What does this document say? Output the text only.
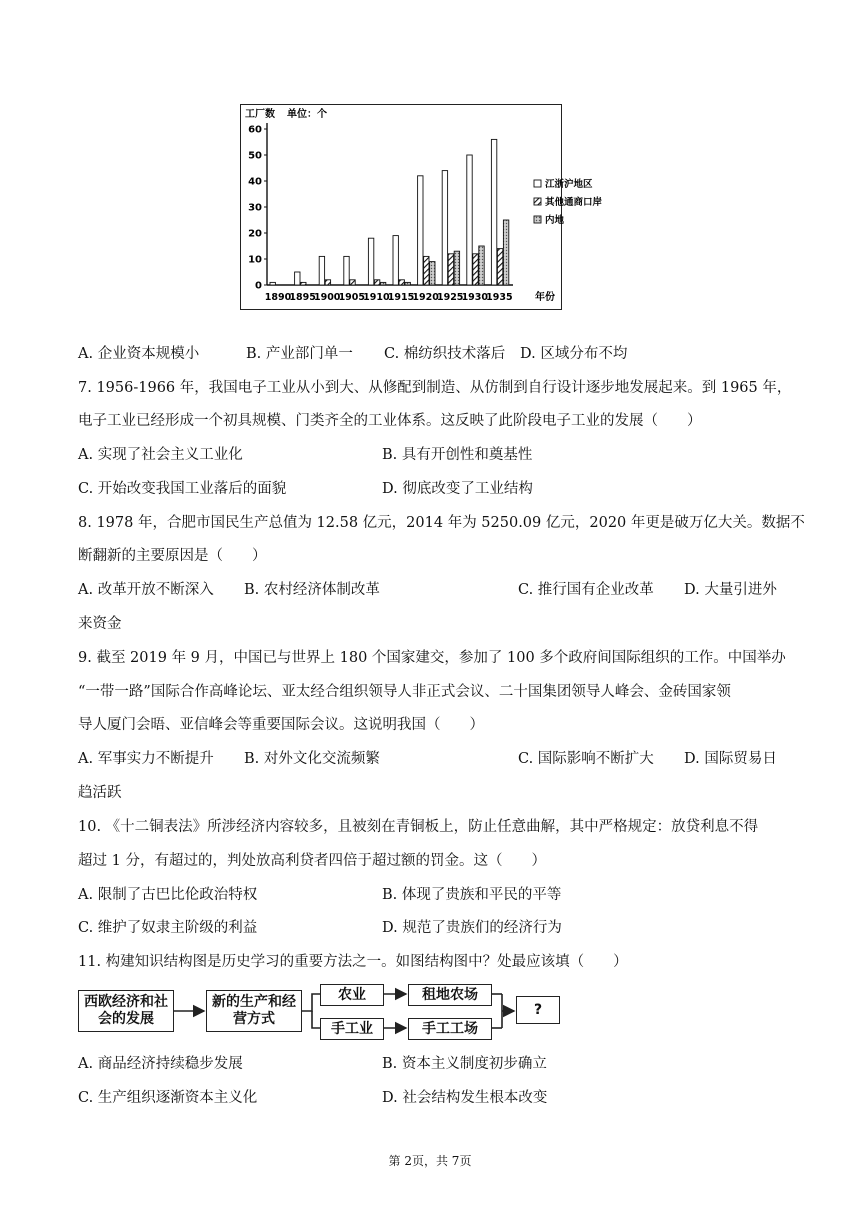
工厂数 单位：个
0
10
20
30
40
50
60
1890
1895
1900
1905
1910
1915
1920
1925
1930
1935 年份
江浙沪地区
其他通商口岸
内地
A. 企业资本规模小	B. 产业部门单一 C. 棉纺织技术落后 D. 区域分布不均
7. 1956-1966 年，我国电子工业从小到大、从修配到制造、从仿制到自行设计逐步地发展起来。到 1965 年，
电子工业已经形成一个初具规模、门类齐全的工业体系。这反映了此阶段电子工业的发展（　　）
A. 实现了社会主义工业化	B. 具有开创性和奠基性
C. 开始改变我国工业落后的面貌	D. 彻底改变了工业结构
8. 1978 年，合肥市国民生产总值为 12.58 亿元，2014 年为 5250.09 亿元，2020 年更是破万亿大关。数据不
断翻新的主要原因是（　　）
A. 改革开放不断深入 B. 农村经济体制改革	C. 推行国有企业改革 D. 大量引进外
来资金
9. 截至 2019 年 9 月，中国已与世界上 180 个国家建交，参加了 100 多个政府间国际组织的工作。中国举办
“一带一路”国际合作高峰论坛、亚太经合组织领导人非正式会议、二十国集团领导人峰会、金砖国家领
导人厦门会晤、亚信峰会等重要国际会议。这说明我国（　　）
A. 军事实力不断提升 B. 对外文化交流频繁	C. 国际影响不断扩大 D. 国际贸易日
趋活跃
10. 《十二铜表法》所涉经济内容较多，且被刻在青铜板上，防止任意曲解，其中严格规定：放贷利息不得
超过 1 分，有超过的，判处放高利贷者四倍于超过额的罚金。这（　　）
A. 限制了古巴比伦政治特权	B. 体现了贵族和平民的平等
C. 维护了奴隶主阶级的利益	D. 规范了贵族们的经济行为
11. 构建知识结构图是历史学习的重要方法之一。如图结构图中？处最应该填（　　）
西欧经济和社会的发展
新的生产和经营方式
农业
手工业
租地农场
手工工场
?
A. 商品经济持续稳步发展	B. 资本主义制度初步确立
C. 生产组织逐渐资本主义化	D. 社会结构发生根本改变
第 2页，共 7页
